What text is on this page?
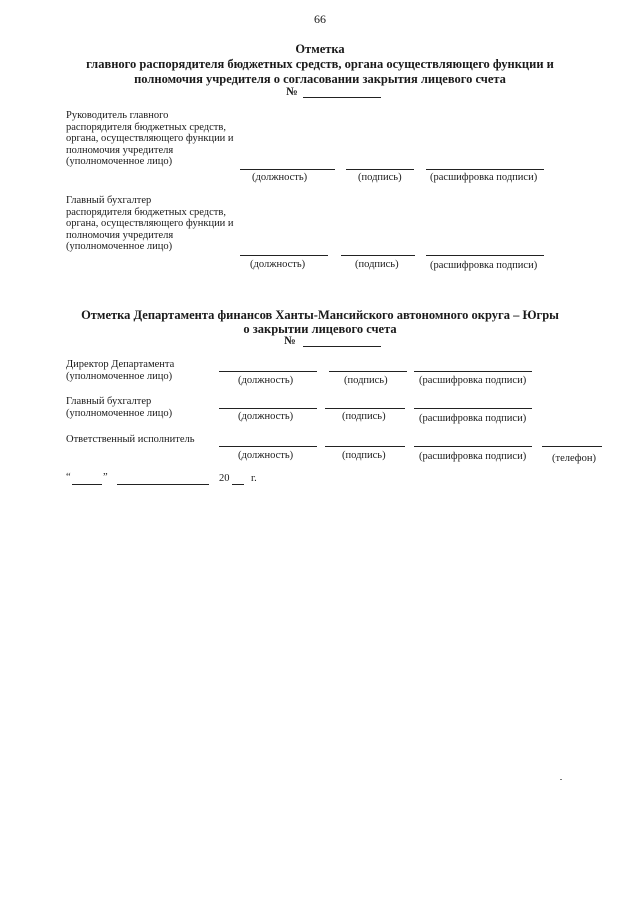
66
Отметка
главного распорядителя бюджетных средств, органа осуществляющего функции и
полномочия учредителя о согласовании закрытия лицевого счета
№
Руководитель главного
распорядителя бюджетных средств,
органа, осуществляющего функции и
полномочия учредителя
(уполномоченное лицо)
(должность)	(подпись)	(расшифровка подписи)
Главный бухгалтер
распорядителя бюджетных средств,
органа, осуществляющего функции и
полномочия учредителя
(уполномоченное лицо)
(должность)	(подпись)	(расшифровка подписи)
Отметка Департамента финансов Ханты-Мансийского автономного округа – Югры
о закрытии лицевого счета
№
Директор Департамента
(уполномоченное лицо)	(должность)	(подпись)	(расшифровка подписи)
Главный бухгалтер
(уполномоченное лицо)	(должность)	(подпись)	(расшифровка подписи)
Ответственный исполнитель
(должность)	(подпись)	(расшифровка подписи) (телефон)
“	”	20 г.
